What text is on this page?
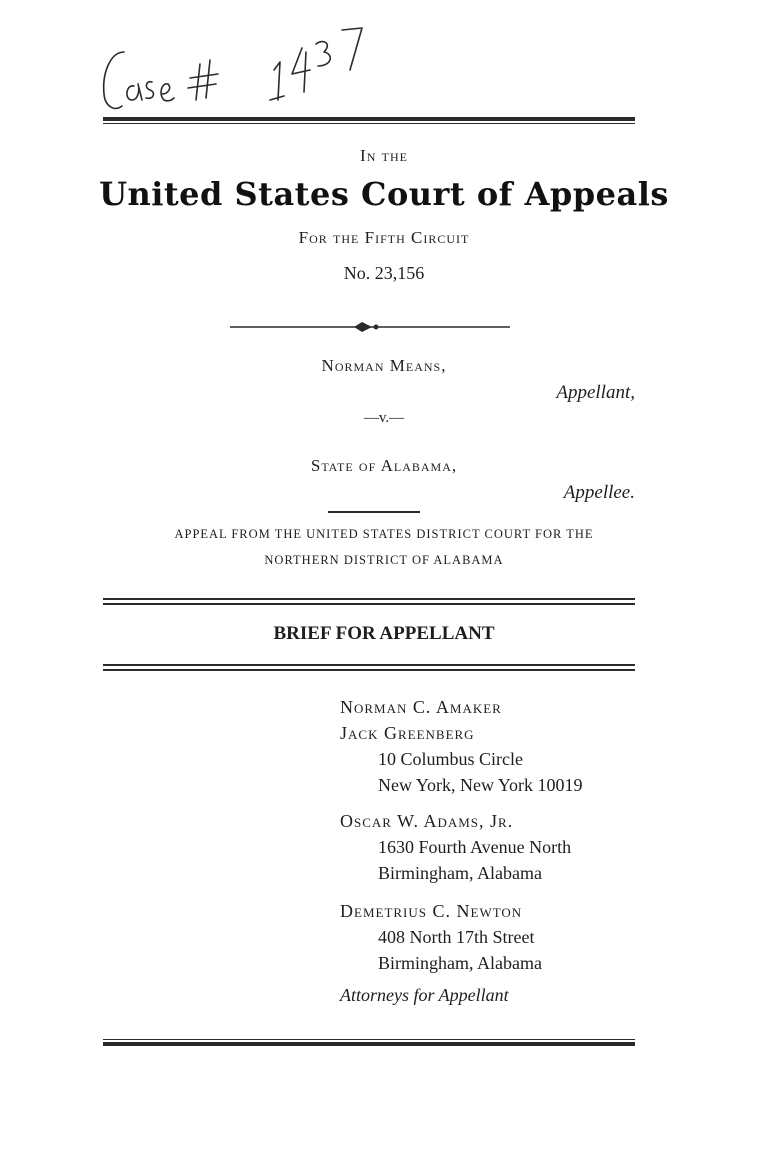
In the
United States Court of Appeals
For the Fifth Circuit
No. 23,156
Norman Means,
Appellant,
—v.—
State of Alabama,
Appellee.
APPEAL FROM THE UNITED STATES DISTRICT COURT FOR THE
NORTHERN DISTRICT OF ALABAMA
BRIEF FOR APPELLANT
Norman C. Amaker
Jack Greenberg
10 Columbus Circle
New York, New York 10019
Oscar W. Adams, Jr.
1630 Fourth Avenue North
Birmingham, Alabama
Demetrius C. Newton
408 North 17th Street
Birmingham, Alabama
Attorneys for Appellant
